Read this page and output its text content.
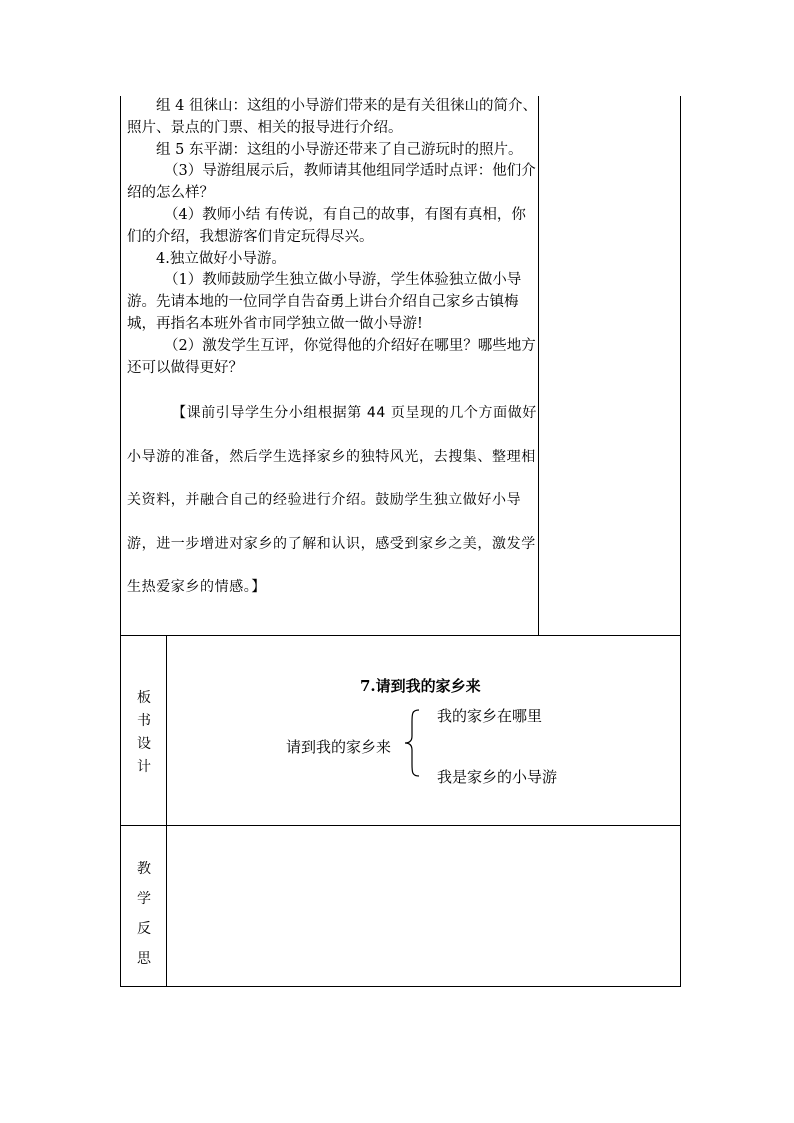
组 4 徂徕山：这组的小导游们带来的是有关徂徕山的简介、照片、景点的门票、相关的报导进行介绍。

组 5 东平湖：这组的小导游还带来了自己游玩时的照片。

（3）导游组展示后，教师请其他组同学适时点评：他们介绍的怎么样？

（4）教师小结 有传说，有自己的故事，有图有真相，你们的介绍，我想游客们肯定玩得尽兴。

4.独立做好小导游。

（1）教师鼓励学生独立做小导游，学生体验独立做小导游。先请本地的一位同学自告奋勇上讲台介绍自己家乡古镇梅城，再指名本班外省市同学独立做一做小导游!

（2）激发学生互评，你觉得他的介绍好在哪里？哪些地方还可以做得更好？

【课前引导学生分小组根据第 44 页呈现的几个方面做好小导游的准备，然后学生选择家乡的独特风光，去搜集、整理相关资料，并融合自己的经验进行介绍。鼓励学生独立做好小导游，进一步增进对家乡的了解和认识，感受到家乡之美，激发学生热爱家乡的情感。】
板
书
设
计
7.请到我的家乡来
请到我的家乡来
我的家乡在哪里
我是家乡的小导游
教
学
反
思
